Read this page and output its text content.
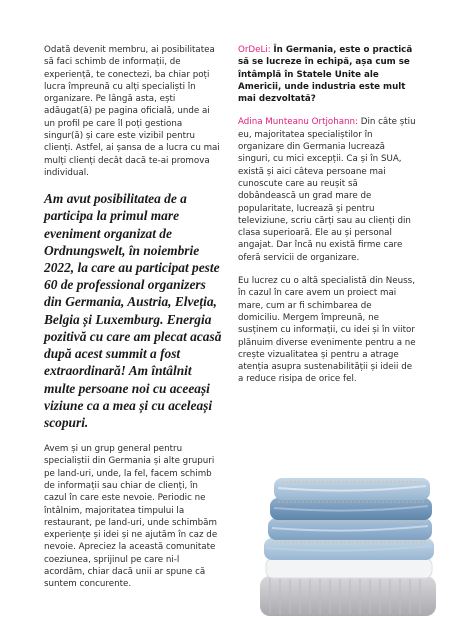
Odată devenit membru, ai posibilitatea să faci schimb de informații, de experiență, te conectezi, ba chiar poți lucra împreună cu alți specialiști în organizare. Pe lângă asta, ești adăugat(ă) pe pagina oficială, unde ai un profil pe care îl poți gestiona singur(ă) și care este vizibil pentru clienți. Astfel, ai șansa de a lucra cu mai mulți clienți decât dacă te-ai promova individual.

Am avut posibilitatea de a participa la primul mare eveniment organizat de Ordnungswelt, în noiembrie 2022, la care au participat peste 60 de professional organizers din Germania, Austria, Elveția, Belgia și Luxemburg. Energia pozitivă cu care am plecat acasă după acest summit a fost extraordinară! Am întâlnit multe persoane noi cu aceeași viziune ca a mea și cu aceleași scopuri.

Avem și un grup general pentru specialiștii din Germania și alte grupuri pe land-uri, unde, la fel, facem schimb de informații sau chiar de clienți, în cazul în care este nevoie. Periodic ne întâlnim, majoritatea timpului la restaurant, pe land-uri, unde schimbăm experiențe și idei și ne ajutăm în caz de nevoie. Apreciez la această comunitate coeziunea, sprijinul pe care ni-l acordăm, chiar dacă unii ar spune că suntem concurente.

OrDeLi: În Germania, este o practică să se lucreze în echipă, așa cum se întâmplă în Statele Unite ale Americii, unde industria este mult mai dezvoltată?

Adina Munteanu Ortjohann: Din câte știu eu, majoritatea specialiștilor în organizare din Germania lucrează singuri, cu mici excepții. Ca și în SUA, există și aici câteva persoane mai cunoscute care au reușit să dobândească un grad mare de popularitate, lucrează și pentru televiziune, scriu cărți sau au clienți din clasa superioară. Ele au și personal angajat. Dar încă nu există firme care oferă servicii de organizare.

Eu lucrez cu o altă specialistă din Neuss, în cazul în care avem un proiect mai mare, cum ar fi schimbarea de domiciliu. Mergem împreună, ne susținem cu informații, cu idei și în viitor plănuim diverse evenimente pentru a ne crește vizualitatea și pentru a atrage atenția asupra sustenabilității și ideii de a reduce risipa de orice fel.
